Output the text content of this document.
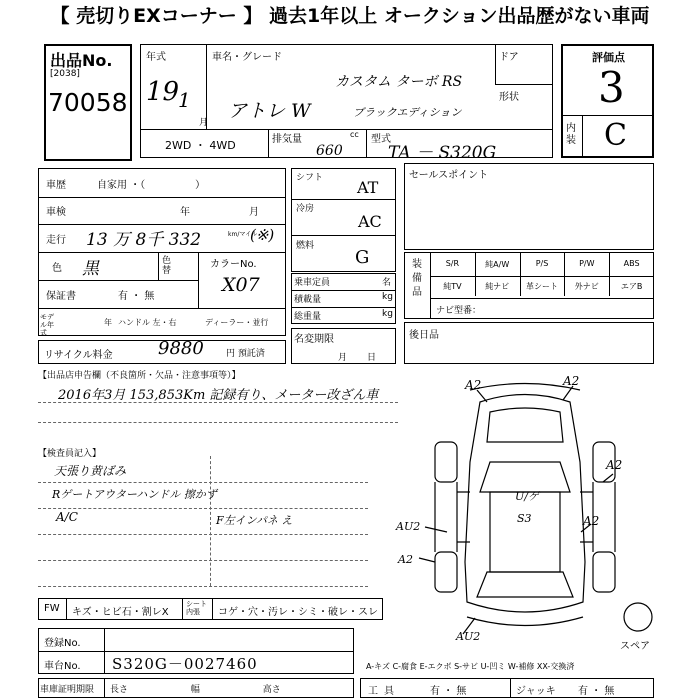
【 売切りEXコーナー 】 過去1年以上 オークション出品歴がない車両
出品No.
[2038]
70058
年式
19
1
月
車名・グレード
カスタム ターボ RS
アトレ W	ブラックエディション
ドア
形状
2WD ・ 4WD	排気量	cc
660
型式
TA － S320G
評価点
3
内装 C
車歴	自家用 ・（　　　　　）
車検	年	月
走行 13 万 8千 332	km/マイル
(※)
色 黒	色替
カラーNo.
X07
保証書	有 ・ 無
モデル年式
年 ハンドル 左・右	ディーラー・並行
リサイクル料金	9880 円 預託済
シフト AT
冷房
AC
燃料
G
乗車定員	名
積載量	kg
総重量	kg
名変期限
月日
セールスポイント
装備品
S/R	純A/W	P/S	P/W	ABS
純TV	純ナビ	革シート	外ナビ	エアB
ナビ型番：
後日品
【出品店申告欄（不良箇所・欠品・注意事項等）】
2016年3月 153,853Km 記録有り、メーター改ざん車
【検査員記入】
天張り黄ばみ
Rゲートアウターハンドル 擦かず
A/C	F左インパネ え
A2	A2
A2
A2
AU2
A2
AU2
U/ゲ
S3
スペア
FW キズ・ヒビ石・割レX
シート内張	コゲ・穴・汚レ・シミ・破レ・スレ
登録No.
車台No. S320G－0027460	A-キズ C-腐食 E-エクボ S-サビ U-凹ミ W-補修 XX-交換済
車庫証明期限 長さ 幅 高さ	工具	有 ・ 無	ジャッキ 有 ・ 無
